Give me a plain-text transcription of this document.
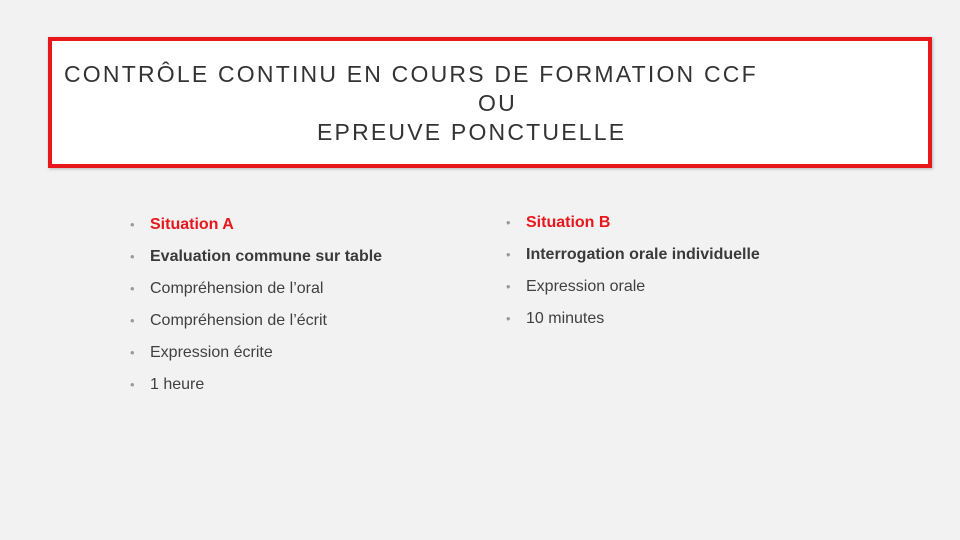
CONTRÔLE CONTINU EN COURS DE FORMATION CCF
OU
EPREUVE PONCTUELLE
• Situation A
• Evaluation commune sur table
• Compréhension de l’oral
• Compréhension de l’écrit
• Expression écrite
• 1 heure
• Situation B
• Interrogation orale individuelle
• Expression orale
• 10 minutes
